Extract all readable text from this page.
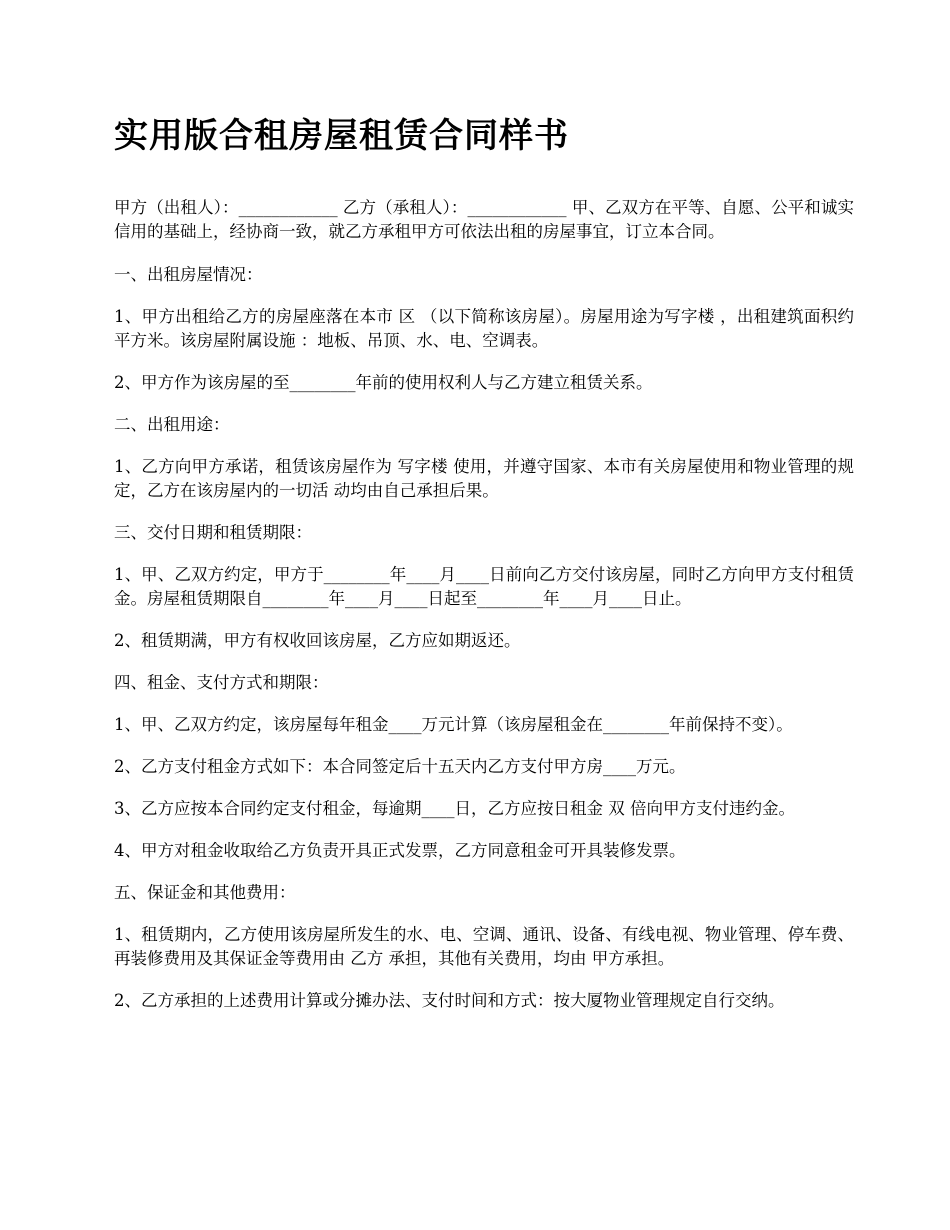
实用版合租房屋租赁合同样书

甲方（出租人）：____________ 乙方（承租人）：____________ 甲、乙双方在平等、自愿、公平和诚实信用的基础上，经协商一致，就乙方承租甲方可依法出租的房屋事宜，订立本合同。

一、出租房屋情况：

1、甲方出租给乙方的房屋座落在本市 区 （以下简称该房屋）。房屋用途为写字楼 ，出租建筑面积约 平方米。该房屋附属设施 ：地板、吊顶、水、电、空调表。

2、甲方作为该房屋的至________年前的使用权利人与乙方建立租赁关系。

二、出租用途：

1、乙方向甲方承诺，租赁该房屋作为 写字楼 使用，并遵守国家、本市有关房屋使用和物业管理的规定，乙方在该房屋内的一切活 动均由自己承担后果。

三、交付日期和租赁期限：

1、甲、乙双方约定，甲方于________年____月____日前向乙方交付该房屋，同时乙方向甲方支付租赁金。房屋租赁期限自________年____月____日起至________年____月____日止。

2、租赁期满，甲方有权收回该房屋，乙方应如期返还。

四、租金、支付方式和期限：

1、甲、乙双方约定，该房屋每年租金____万元计算（该房屋租金在________年前保持不变）。

2、乙方支付租金方式如下：本合同签定后十五天内乙方支付甲方房____万元。

3、乙方应按本合同约定支付租金，每逾期____日，乙方应按日租金 双 倍向甲方支付违约金。

4、甲方对租金收取给乙方负责开具正式发票，乙方同意租金可开具装修发票。

五、保证金和其他费用：

1、租赁期内，乙方使用该房屋所发生的水、电、空调、通讯、设备、有线电视、物业管理、停车费、再装修费用及其保证金等费用由 乙方 承担，其他有关费用，均由 甲方承担。

2、乙方承担的上述费用计算或分摊办法、支付时间和方式：按大厦物业管理规定自行交纳。
